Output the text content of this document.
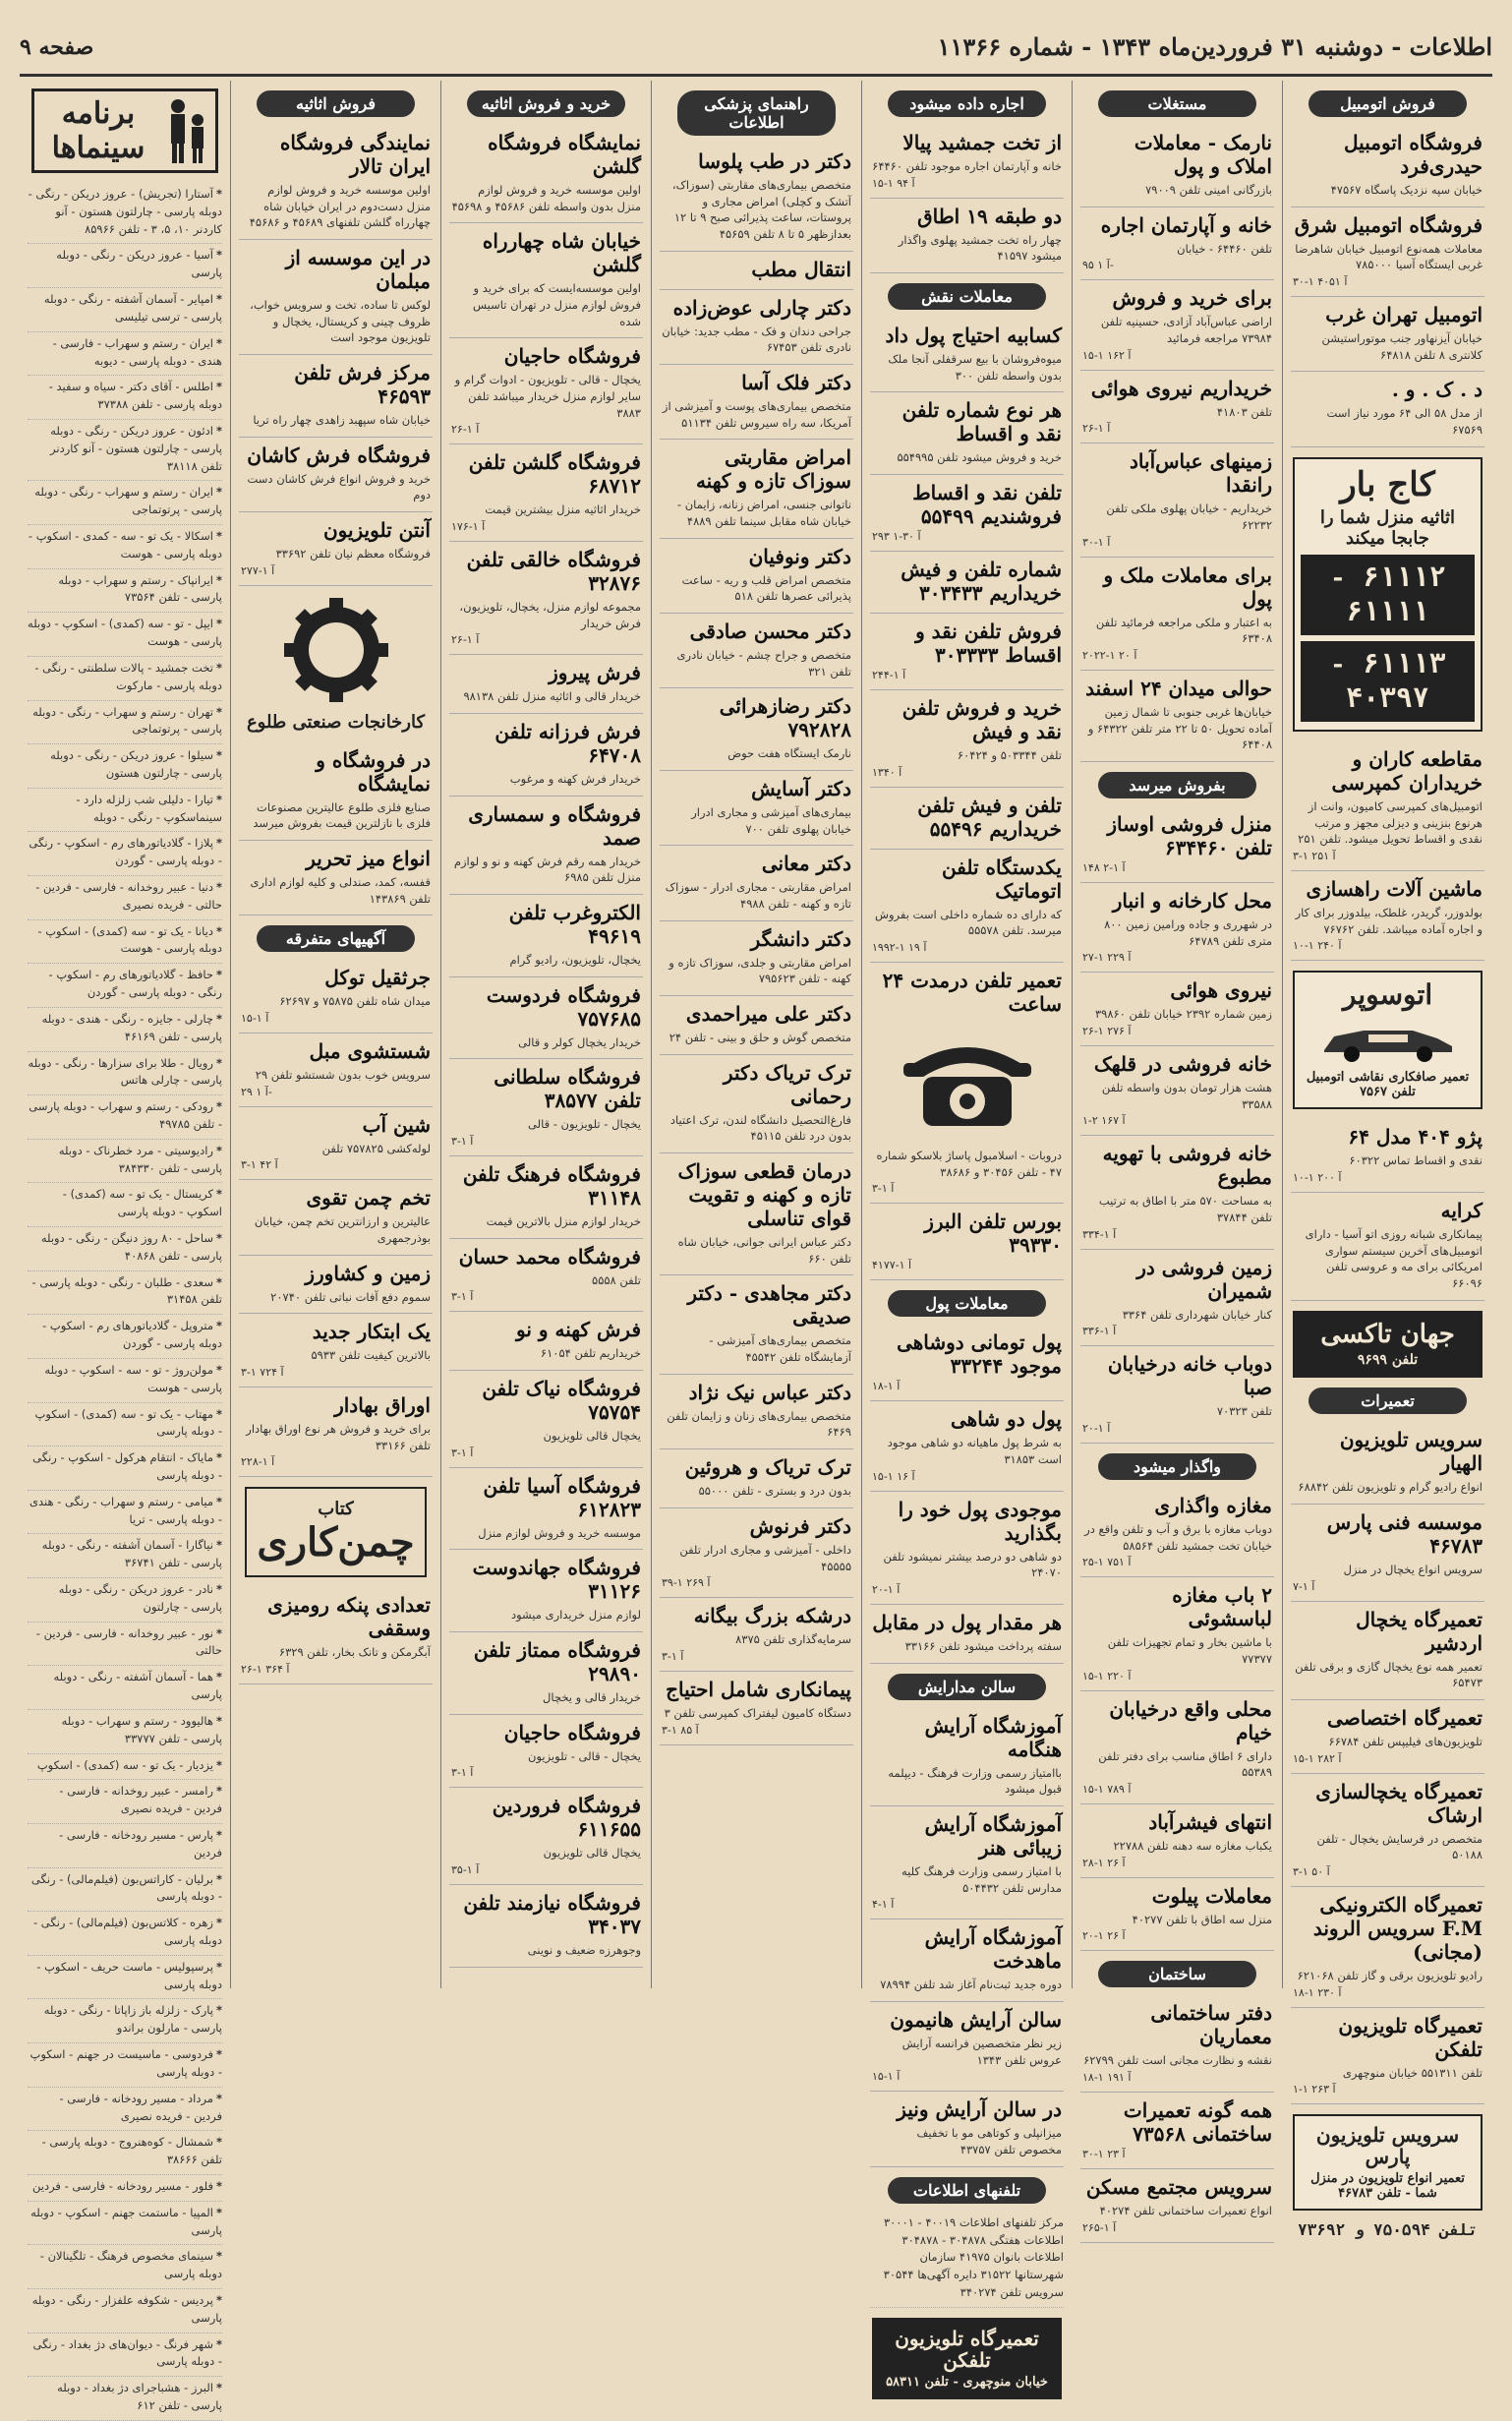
اطلاعات - دوشنبه ۳۱ فروردین‌ماه ۱۳۴۳ - شماره ۱۱۳۶۶
صفحه ۹
فروش اتومبیل
فروشگاه اتومبیل حیدری‌فرد
خیابان سپه نزدیک پاسگاه ۴۷۵۶۷
فروشگاه اتومبیل شرق
معاملات همه‌نوع اتومبیل خیابان شاهرضا غربی ایستگاه آسیا ۷۸۵۰۰۰
۳۰-۱ آ ۴۰۵۱
اتومبیل تهران غرب
خیابان آیزنهاور جنب موتوراستیشن کلانتری ۸ تلفن ۶۴۸۱۸
د . ک . و .
از مدل ۵۸ الی ۶۴ مورد نیاز است ۶۷۵۶۹
کاج بار
اثاثیه منزل شما را جابجا میکند
۶۱۱۱۲ - ۶۱۱۱۱
۶۱۱۱۳ - ۴۰۳۹۷
مقاطعه کاران و خریداران کمپرسی
اتومبیل‌های کمپرسی کامیون، وانت از هرنوع بنزینی و دیزلی مجهز و مرتب نقدی و اقساط تحویل میشود. تلفن ۲۵۱
۳-۱ آ ۲۵۱
ماشین آلات راهسازی
بولدوزر، گریدر، غلطک، بیلدوزر برای کار و اجاره آماده میباشد. تلفن ۷۶۷۶۲
۱۰-۱ آ ۲۴۰
اتوسوپر
تعمیر صافکاری نقاشی اتومبیل تلفن ۷۵۶۷
پژو ۴۰۴ مدل ۶۴
نقدی و اقساط تماس ۶۰۳۲۲
۱۰-۱ آ ۲۰۰
کرایه
پیمانکاری شبانه روزی اتو آسیا - دارای اتومبیل‌های آخرین سیستم سواری امریکائی برای مه و عروسی تلفن ۶۶۰۹۶
جهان تاکسی
تلفن ۹۶۹۹
تعمیرات
سرویس تلویزیون الهیار
انواع رادیو گرام و تلویزیون تلفن ۶۸۸۴۲
موسسه فنی پارس ۴۶۷۸۳
سرویس انواع یخچال در منزل
۷-۱ آ
تعمیرگاه یخچال اردشیر
تعمیر همه نوع یخچال گازی و برقی تلفن ۶۵۴۷۳
تعمیرگاه اختصاصی
تلویزیون‌های فیلیپس تلفن ۶۶۷۸۴
۱۵-۱ آ ۲۸۲
تعمیرگاه یخچالسازی ارشاک
متخصص در فرسایش یخچال - تلفن ۵۰۱۸۸
۳-۱ آ ۵۰
تعمیرگاه الکترونیکی F.M سرویس الروند (مجانی)
رادیو تلویزیون برقی و گاز تلفن ۶۲۱۰۶۸
۱۸-۱ آ ۲۳۰
تعمیرگاه تلویزیون تلفکن
تلفن ۵۵۱۳۱۱ خیابان منوچهری
۱-۱ آ ۲۶۳
سرویس تلویزیون پارس
تعمیر انواع تلویزیون در منزل شما - تلفن ۴۶۷۸۳
تلفن ۷۵۰۵۹۴ و ۷۳۶۹۲
مستغلات
نارمک - معاملات املاک و پول
بازرگانی امینی تلفن ۷۹۰۰۹
خانه و آپارتمان اجاره
تلفن ۶۴۴۶۰ - خیابان
۹۵ آ ۱-
برای خرید و فروش
اراضی عباس‌آباد آزادی، حسینیه تلفن ۷۳۹۸۴ مراجعه فرمائید
۱۵-۱ آ ۱۶۲
خریداریم نیروی هوائی
تلفن ۴۱۸۰۳
۲۶-۱ آ
زمینهای عباس‌آباد رانقدا
خریداریم - خیابان پهلوی ملکی تلفن ۶۲۲۳۲
۳۰-۱ آ
برای معاملات ملک و پول
به اعتبار و ملکی مراجعه فرمائید تلفن ۶۳۴۰۸
۲۰۲۲-۱ آ ۲۰
حوالی میدان ۲۴ اسفند
خیابان‌ها غربی جنوبی تا شمال زمین آماده تحویل ۵۰ تا ۲۲ متر تلفن ۶۴۳۲۲ و ۶۴۴۰۸
بفروش میرسد
منزل فروشی اوساز تلفن ۶۳۴۴۶۰
۱۴۸ آ ۱-۲
محل کارخانه و انبار
در شهرری و جاده ورامین زمین ۸۰۰ متری تلفن ۶۴۷۸۹
۲۷-۱ آ ۲۲۹
نیروی هوائی
زمین شماره ۲۳۹۲ خیابان تلفن ۳۹۸۶۰
۲۶-۱ آ ۲۷۶
خانه فروشی در قلهک
هشت هزار تومان بدون واسطه تلفن ۳۳۵۸۸
۱-۲ آ ۱۶۷
خانه فروشی با تهویه مطبوع
به مساحت ۵۷۰ متر با اطاق به ترتیب تلفن ۳۷۸۴۴
۳۳۴-۱ آ
زمین فروشی در شمیران
کنار خیابان شهرداری تلفن ۳۳۶۴
۳۳۶-۱ آ
دوباب خانه درخیابان صبا
تلفن ۷۰۳۲۳
۲۰-۱ آ
واگذار میشود
مغازه واگذاری
دوباب مغازه با برق و آب و تلفن واقع در خیابان تخت جمشید تلفن ۵۸۵۶۴
۲۵-۱ آ ۷۵۱
۲ باب مغازه لباسشوئی
با ماشین بخار و تمام تجهیزات تلفن ۷۷۳۷۷
۱۵-۱ آ ۲۲۰
محلی واقع درخیابان خیام
دارای ۶ اطاق مناسب برای دفتر تلفن ۵۵۳۸۹
۱۵-۱ آ ۷۸۹
انتهای فیشرآباد
یکباب مغازه سه دهنه تلفن ۲۲۷۸۸
۲۸-۱ آ ۲۶
معاملات پیلوت
منزل سه اطاق با تلفن ۴۰۲۷۷
۲۰-۱ آ ۲۶
ساختمان
دفتر ساختمانی معماریان
نقشه و نظارت مجانی است تلفن ۶۲۷۹۹
۱۸-۱ آ ۱۹۱
همه گونه تعمیرات ساختمانی ۷۳۵۶۸
۳۰-۱ آ ۲۳
سرویس مجتمع مسکن
انواع تعمیرات ساختمانی تلفن ۴۰۲۷۴
۲۶۵-۱ آ
اجاره داده میشود
از تخت جمشید پیالا
خانه و آپارتمان اجاره موجود تلفن ۶۴۴۶۰
۱۵-۱ آ ۹۴
دو طبقه ۱۹ اطاق
چهار راه تخت جمشید پهلوی واگذار میشود ۴۱۵۹۷
معاملات نقش
کسابیه احتیاج پول داد
میوه‌فروشان با بیع سرقفلی آنجا ملک بدون واسطه تلفن ۳۰۰
هر نوع شماره تلفن نقد و اقساط
خرید و فروش میشود تلفن ۵۵۴۹۹۵
تلفن نقد و اقساط فروشندیم ۵۵۴۹۹
۲۹۳ آ ۳۰-۱
شماره تلفن و فیش خریداریم ۳۰۳۴۳۳
فروش تلفن نقد و اقساط ۳۰۳۳۳۳
۲۴۴-۱ آ
خرید و فروش تلفن نقد و فیش
تلفن ۵۰۳۳۴۴ و ۶۰۴۲۴
۱۳۴۰ آ
تلفن و فیش تلفن خریداریم ۵۵۴۹۶
یکدستگاه تلفن اتوماتیک
که دارای ده شماره داخلی است بفروش میرسد. تلفن ۵۵۵۷۸
۱۹۹۲-۱ آ ۱۹
تعمیر تلفن درمدت ۲۴ ساعت
دروبات - اسلامبول پاساژ بلاسکو شماره ۴۷ - تلفن ۳۰۴۵۶ و ۳۸۶۸۶
۳-۱ آ
بورس تلفن البرز ۳۹۳۳۰
۴۱۷۷-۱ آ
معاملات پول
پول تومانی دوشاهی موجود ۳۳۲۴۴
۱۸-۱ آ
پول دو شاهی
به شرط پول ماهیانه دو شاهی موجود است ۳۱۸۵۳
۱۵-۱ آ ۱۶
موجودی پول خود را بگذارید
دو شاهی دو درصد بیشتر نمیشود تلفن ۲۴۰۷۰
۲۰-۱ آ
هر مقدار پول در مقابل
سفته پرداخت میشود تلفن ۳۳۱۶۶
سالن مدارایش
آموزشگاه آرایش هنگامه
باامتیاز رسمی وزارت فرهنگ - دیپلمه قبول میشود
آموزشگاه آرایش زیبائی هنر
با امتیاز رسمی وزارت فرهنگ کلیه مدارس تلفن ۵۰۴۴۳۲
۴-۱ آ
آموزشگاه آرایش ماهدخت
دوره جدید ثبت‌نام آغاز شد تلفن ۷۸۹۹۴
سالن آرایش هانیمون
زیر نظر متخصصین فرانسه آرایش عروس تلفن ۱۳۴۳
۱۵-۱ آ
در سالن آرایش ونیز
میزانپلی و کوتاهی مو با تخفیف مخصوص تلفن ۴۳۷۵۷
تلفنهای اطلاعات
مرکز تلفنهای اطلاعات ۴۰۰۱۹ - ۳۰۰۰۱ اطلاعات هفتگی ۳۰۴۸۷۸ - ۳۰۴۸۷۸ اطلاعات بانوان ۴۱۹۷۵ سازمان شهرستانها ۳۱۵۲۲ دایره آگهی‌ها ۳۰۵۴۴ سرویس تلفن ۳۴۰۲۷۴
تعمیرگاه تلویزیون تلفکن
خیابان منوچهری - تلفن ۵۸۳۱۱
راهنمای پزشکی اطلاعات
دکتر در طب پلوسا
متخصص بیماری‌های مقاربتی (سوزاک، آتشک و کچلی) امراض مجاری و پروستات، ساعت پذیرائی صبح ۹ تا ۱۲ بعدازظهر ۵ تا ۸ تلفن ۴۵۶۵۹
انتقال مطب
دکتر چارلی عوض‌زاده
جراحی دندان و فک - مطب جدید: خیابان نادری تلفن ۶۷۴۵۳
دکتر فلک آسا
متخصص بیماری‌های پوست و آمیزشی از آمریکا، سه راه سیروس تلفن ۵۱۱۳۴
امراض مقاربتی سوزاک تازه و کهنه
ناتوانی جنسی، امراض زنانه، زایمان - خیابان شاه مقابل سینما تلفن ۴۸۸۹
دکتر ونوفیان
متخصص امراض قلب و ریه - ساعت پذیرائی عصرها تلفن ۵۱۸
دکتر محسن صادقی
متخصص و جراح چشم - خیابان نادری تلفن ۳۲۱
دکتر رضازهرائی ۷۹۲۸۲۸
نارمک ایستگاه هفت حوض
دکتر آسایش
بیماری‌های آمیزشی و مجاری ادرار خیابان پهلوی تلفن ۷۰۰
دکتر معانی
امراض مقاربتی - مجاری ادرار - سوزاک تازه و کهنه - تلفن ۴۹۸۸
دکتر دانشگر
امراض مقاربتی و جلدی، سوزاک تازه و کهنه - تلفن ۷۹۵۶۲۳
دکتر علی میراحمدی
متخصص گوش و حلق و بینی - تلفن ۲۴
ترک تریاک دکتر رحمانی
فارغ‌التحصیل دانشگاه لندن، ترک اعتیاد بدون درد تلفن ۴۵۱۱۵
درمان قطعی سوزاک تازه و کهنه و تقویت قوای تناسلی
دکتر عباس ایرانی جوانی، خیابان شاه تلفن ۶۶۰
دکتر مجاهدی - دکتر صدیقی
متخصص بیماری‌های آمیزشی - آزمایشگاه تلفن ۴۵۵۴۲
دکتر عباس نیک نژاد
متخصص بیماری‌های زنان و زایمان تلفن ۶۴۶۹
ترک تریاک و هروئین
بدون درد و بستری - تلفن ۵۵۰۰۰
دکتر فرنوش
داخلی - آمیزشی و مجاری ادرار تلفن ۴۵۵۵۵
۳۹-۱ آ ۲۶۹
درشکه بزرگ بیگانه
سرمایه‌گذاری تلفن ۸۳۷۵
۳-۱ آ
پیمانکاری شامل احتیاج
دستگاه کامیون لیفتراک کمپرسی تلفن ۳
۳-۱ آ ۸۵
خرید و فروش اثاثیه
نمایشگاه فروشگاه گلشن
اولین موسسه خرید و فروش لوازم منزل بدون واسطه تلفن ۴۵۶۸۶ و ۴۵۶۹۸
خیابان شاه چهارراه گلشن
اولین موسسه‌ایست که برای خرید و فروش لوازم منزل در تهران تاسیس شده
فروشگاه حاجیان
یخچال - قالی - تلویزیون - ادوات گرام و سایر لوازم منزل خریدار میباشد تلفن ۳۸۸۳
۲۶-۱ آ
فروشگاه گلشن تلفن ۶۸۷۱۲
خریدار اثاثیه منزل بیشترین قیمت
۱۷۶-۱ آ
فروشگاه خالقی تلفن ۳۲۸۷۶
مجموعه لوازم منزل، یخچال، تلویزیون، فرش خریدار
۲۶-۱ آ
فرش پیروز
خریدار قالی و اثاثیه منزل تلفن ۹۸۱۳۸
فرش فرزانه تلفن ۶۴۷۰۸
خریدار فرش کهنه و مرغوب
فروشگاه و سمساری صمد
خریدار همه رقم فرش کهنه و نو و لوازم منزل تلفن ۶۹۸۵
الکتروغرب تلفن ۴۹۶۱۹
یخچال، تلویزیون، رادیو گرام
فروشگاه فردوست ۷۵۷۶۸۵
خریدار یخچال کولر و قالی
فروشگاه سلطانی تلفن ۳۸۵۷۷
یخچال - تلویزیون - قالی
۳-۱ آ
فروشگاه فرهنگ تلفن ۳۱۱۴۸
خریدار لوازم منزل بالاترین قیمت
فروشگاه محمد حسان
تلفن ۵۵۵۸
۳-۱ آ
فرش کهنه و نو
خریداریم تلفن ۶۱۰۵۴
فروشگاه نیاک تلفن ۷۵۷۵۴
یخچال قالی تلویزیون
۳-۱ آ
فروشگاه آسیا تلفن ۶۱۲۸۲۳
موسسه خرید و فروش لوازم منزل
فروشگاه جهاندوست ۳۱۱۲۶
لوازم منزل خریداری میشود
فروشگاه ممتاز تلفن ۲۹۸۹۰
خریدار قالی و یخچال
فروشگاه حاجیان
یخچال - قالی - تلویزیون
۳-۱ آ
فروشگاه فروردین ۶۱۱۶۵۵
یخچال قالی تلویزیون
۳۵-۱ آ
فروشگاه نیازمند تلفن ۳۴۰۳۷
وجوهرزه ضعیف و نوینی
فروش اثاثیه
نمایندگی فروشگاه ایران تالار
اولین موسسه خرید و فروش لوازم منزل دست‌دوم در ایران خیابان شاه چهارراه گلشن تلفنهای ۴۵۶۸۹ و ۴۵۶۸۶
در این موسسه از مبلمان
لوکس تا ساده، تخت و سرویس خواب، ظروف چینی و کریستال، یخچال و تلویزیون موجود است
مرکز فرش تلفن ۴۶۵۹۳
خیابان شاه سپهبد زاهدی چهار راه تریا
فروشگاه فرش کاشان
خرید و فروش انواع فرش کاشان دست دوم
آنتن تلویزیون
فروشگاه معظم نیان تلفن ۳۳۶۹۲
۲۷۷-۱ آ
کارخانجات صنعتی طلوع
در فروشگاه و نمایشگاه
صنایع فلزی طلوع عالیترین مصنوعات فلزی با نازلترین قیمت بفروش میرسد
انواع میز تحریر
قفسه، کمد، صندلی و کلیه لوازم اداری تلفن ۱۴۳۸۶۹
آگهیهای متفرقه
جرثقیل توکل
میدان شاه تلفن ۷۵۸۷۵ و ۶۲۶۹۷
۱۵-۱ آ
شستشوی مبل
سرویس خوب بدون شستشو تلفن ۲۹
۲۹ آ ۱-
شین آب
لوله‌کشی ۷۵۷۸۲۵ تلفن
۳-۱ آ ۴۲
تخم چمن تقوی
عالیترین و ارزانترین تخم چمن، خیابان بوذرجمهری
زمین و کشاورز
سموم دفع آفات نباتی تلفن ۲۰۷۴۰
یک ابتکار جدید
بالاترین کیفیت تلفن ۵۹۳۳
۳-۱ آ ۷۲۴
اوراق بهادار
برای خرید و فروش هر نوع اوراق بهادار تلفن ۳۳۱۶۶
۲۲۸-۱ آ
کتاب
چمن‌کاری
تعدادی پنکه رومیزی وسقفی
آبگرمکن و تانک بخار، تلفن ۶۳۲۹
۲۶-۱ آ ۳۶۴
برنامه سینماها
*آستارا (تجریش) - عروز دریکن - رنگی - دوبله پارسی - چارلتون هستون - آنو کاردنر ۱۰، ۵، ۳ - تلفن ۸۵۹۶۶
*آسیا - عروز دریکن - رنگی - دوبله پارسی
*امپایر - آسمان آشفته - رنگی - دوبله پارسی - ترسی تیلیسی
*ایران - رستم و سهراب - فارسی - هندی - دوبله پارسی - دیوبه
*اطلس - آقای دکتر - سیاه و سفید - دوبله پارسی - تلفن ۳۷۳۸۸
*ادئون - عروز دریکن - رنگی - دوبله پارسی - چارلتون هستون - آنو کاردنر تلفن ۳۸۱۱۸
*ایران - رستم و سهراب - رنگی - دوبله پارسی - پرتوتماجی
*اسکالا - یک تو - سه - کمدی - اسکوپ - دوبله پارسی - هوست
*ایرانپاک - رستم و سهراب - دوبله پارسی - تلفن ۷۳۵۶۴
*ایپل - تو - سه (کمدی) - اسکوپ - دوبله پارسی - هوست
*تخت جمشید - پالات سلطنتی - رنگی - دوبله پارسی - مارکوت
*تهران - رستم و سهراب - رنگی - دوبله پارسی - پرتوتماجی
*سیلوا - عروز دریکن - رنگی - دوبله پارسی - چارلتون هستون
*تیارا - دلیلی شب زلزله دارد - سینماسکوپ - رنگی - دوبله
*پلازا - گلادیاتورهای رم - اسکوپ - رنگی - دوبله پارسی - گوردن
*دنیا - عبیر روخدانه - فارسی - فردین - حالتی - فریده نصیری
*دیانا - یک تو - سه (کمدی) - اسکوپ - دوبله پارسی - هوست
*حافظ - گلادیاتورهای رم - اسکوپ - رنگی - دوبله پارسی - گوردن
*چارلی - جایزه - رنگی - هندی - دوبله پارسی - تلفن ۴۶۱۶۹
*رویال - طلا برای سزارها - رنگی - دوبله پارسی - چارلی هاتس
*رودکی - رستم و سهراب - دوبله پارسی - تلفن ۴۹۷۸۵
*رادیوسیتی - مرد خطرناک - دوبله پارسی - تلفن ۳۸۴۳۳۰
*کریستال - یک تو - سه (کمدی) - اسکوپ - دوبله پارسی
*ساحل - ۸۰ روز دنیگن - رنگی - دوبله پارسی - تلفن ۴۰۸۶۸
*سعدی - طلبان - رنگی - دوبله پارسی - تلفن ۳۱۴۵۸
*متروپل - گلادیاتورهای رم - اسکوپ - دوبله پارسی - گوردن
*مولن‌روژ - تو - سه - اسکوپ - دوبله پارسی - هوست
*مهتاب - یک تو - سه (کمدی) - اسکوپ - دوبله پارسی
*مایاک - انتقام هرکول - اسکوپ - رنگی - دوبله پارسی
*میامی - رستم و سهراب - رنگی - هندی - دوبله پارسی - تریا
*نیاگارا - آسمان آشفته - رنگی - دوبله پارسی - تلفن ۳۶۷۴۱
*نادر - عروز دریکن - رنگی - دوبله پارسی - چارلتون
*نور - عبیر روخدانه - فارسی - فردین - حالتی
*هما - آسمان آشفته - رنگی - دوبله پارسی
*هالیوود - رستم و سهراب - دوبله پارسی - تلفن ۳۳۷۷۷
*یزدیار - یک تو - سه (کمدی) - اسکوپ
*رامسر - عبیر روخدانه - فارسی - فردین - فریده نصیری
*پارس - مسیر رودخانه - فارسی - فردین
*برلیان - کاراتس‌بون (فیلم‌مالی) - رنگی - دوبله پارسی
*زهره - کلاتس‌بون (فیلم‌مالی) - رنگی - دوبله پارسی
*پرسپولیس - ماست حریف - اسکوپ - دوبله پارسی
*پارک - زلزله باز زاپاتا - رنگی - دوبله پارسی - مارلون براندو
*فردوسی - ماسیست در جهنم - اسکوپ - دوبله پارسی
*مرداد - مسیر رودخانه - فارسی - فردین - فریده نصیری
*شمشال - کوه‌هنروج - دوبله پارسی - تلفن ۳۸۶۶۶
*فلور - مسیر رودخانه - فارسی - فردین
*المپیا - ماستمت جهنم - اسکوپ - دوبله پارسی
*سینمای مخصوص فرهنگ - تلگینالان - دوبله پارسی
*پردیس - شکوفه علفزار - رنگی - دوبله پارسی
*شهر فرنگ - دیوان‌های دژ بغداد - رنگی - دوبله پارسی
*البرز - هشباجرای دژ بغداد - دوبله پارسی - تلفن ۶۱۲
